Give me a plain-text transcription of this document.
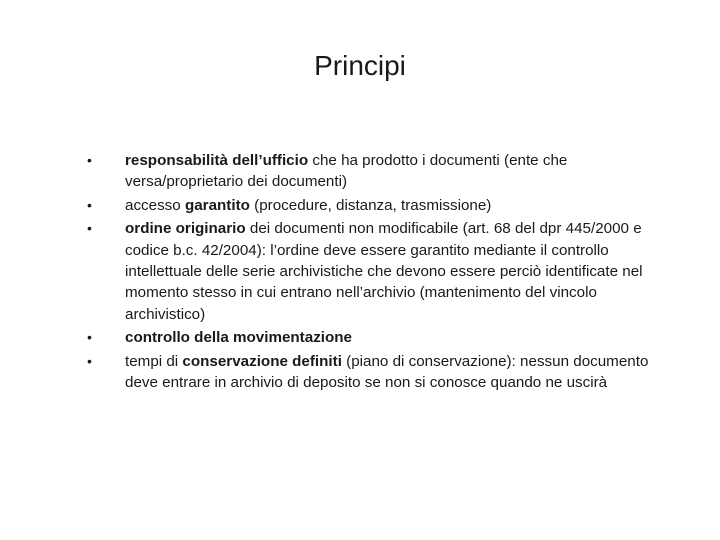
Principi
• responsabilità dell’ufficio che ha prodotto i documenti (ente che versa/proprietario dei documenti)
• accesso garantito (procedure, distanza, trasmissione)
• ordine originario dei documenti non modificabile (art. 68 del dpr 445/2000 e codice b.c. 42/2004): l’ordine deve essere garantito mediante il controllo intellettuale delle serie archivistiche che devono essere perciò identificate nel momento stesso in cui entrano nell’archivio (mantenimento del vincolo archivistico)
• controllo della movimentazione
• tempi di conservazione definiti (piano di conservazione): nessun documento deve entrare in archivio di deposito se non si conosce quando ne uscirà
